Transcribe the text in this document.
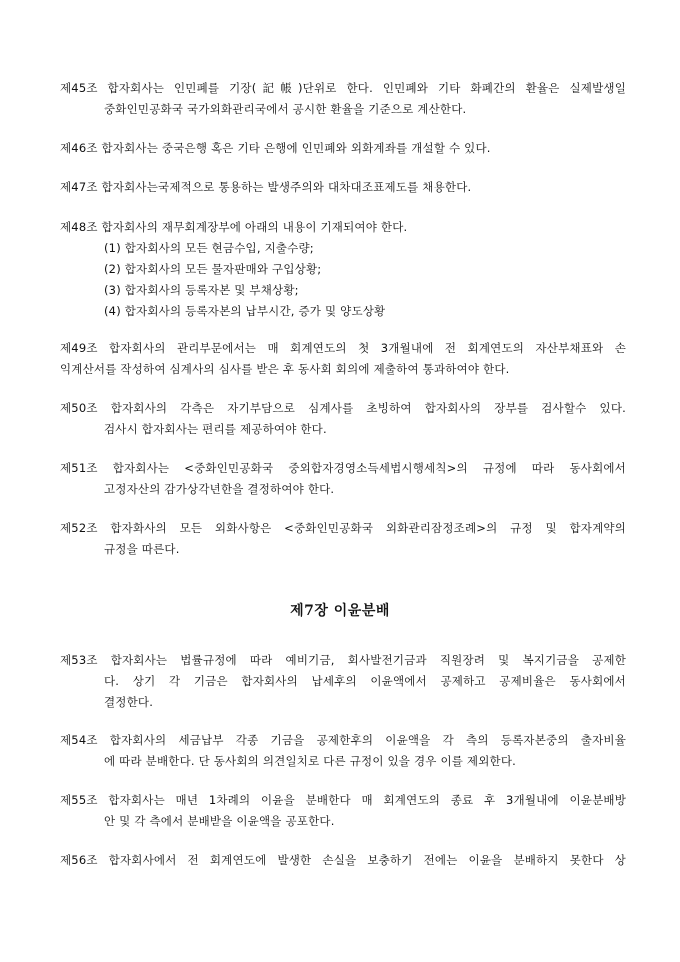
제45조 합자회사는 인민폐를 기장(記帳)단위로 한다. 인민폐와 기타 화폐간의 환율은 실제발생일
중화인민공화국 국가외화관리국에서 공시한 환율을 기준으로 계산한다.
제46조 합자회사는 중국은행 혹은 기타 은행에 인민폐와 외화계좌를 개설할 수 있다.
제47조 합자회사는국제적으로 통용하는 발생주의와 대차대조표제도를 채용한다.
제48조 합자회사의 재무회계장부에 아래의 내용이 기재되여야 한다.
(1) 합자회사의 모든 현금수입, 지출수량;
(2) 합자회사의 모든 물자판매와 구입상황;
(3) 합자회사의 등록자본 및 부채상황;
(4) 합자회사의 등록자본의 납부시간, 증가 및 양도상황
제49조 합자회사의 관리부문에서는 매 회계연도의 첫 3개월내에 전 회계연도의 자산부채표와 손
익계산서를 작성하여 심계사의 심사를 받은 후 동사회 회의에 제출하여 통과하여야 한다.
제50조 합자회사의 각측은 자기부담으로 심계사를 초빙하여 합자회사의 장부를 검사할수 있다.
검사시 합자회사는 편리를 제공하여야 한다.
제51조 합자회사는 <중화인민공화국 중외합자경영소득세법시행세칙>의 규정에 따라 동사회에서
고정자산의 감가상각년한을 결정하여야 한다.
제52조 합자화사의 모든 외화사항은 <중화인민공화국 외화관리잠정조례>의 규정 및 합자계약의
규정을 따른다.
제7장 이윤분배
제53조 합자회사는 법률규정에 따라 예비기금, 회사발전기금과 직원장려 및 복지기금을 공제한
다. 상기 각 기금은 합자회사의 납세후의 이윤액에서 공제하고 공제비율은 동사회에서
결정한다.
제54조 합자회사의 세금납부 각종 기금을 공제한후의 이윤액을 각 측의 등록자본중의 출자비율
에 따라 분배한다. 단 동사회의 의견일치로 다른 규정이 있을 경우 이를 제외한다.
제55조 합자회사는 매년 1차례의 이윤을 분배한다 매 회계연도의 종료 후 3개월내에 이윤분배방
안 및 각 측에서 분배받을 이윤액을 공포한다.
제56조 합자회사에서 전 회계연도에 발생한 손실을 보충하기 전에는 이윤을 분배하지 못한다 상
